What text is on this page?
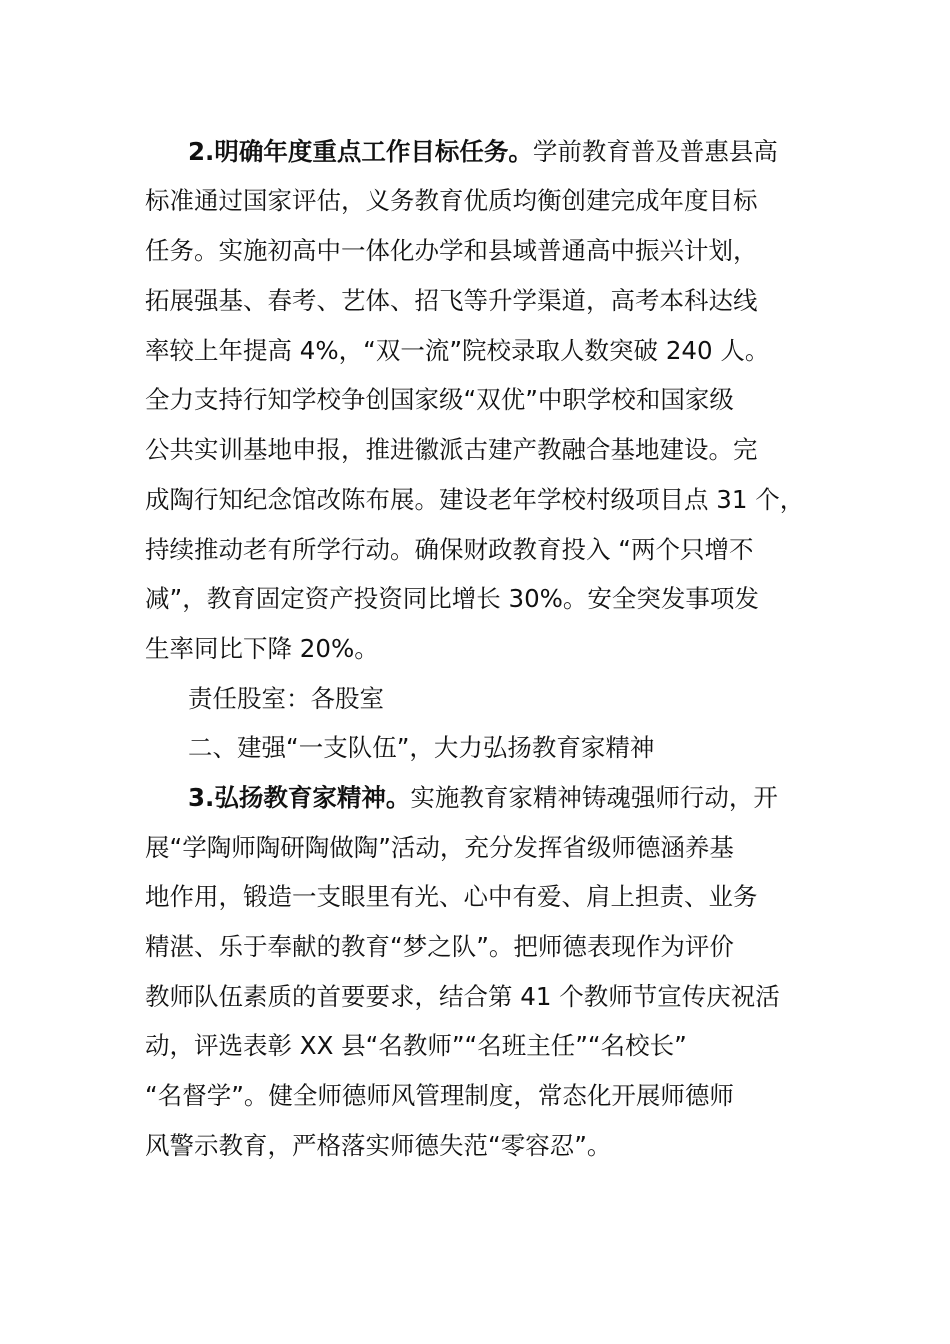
2.明确年度重点工作目标任务。学前教育普及普惠县高
标准通过国家评估，义务教育优质均衡创建完成年度目标
任务。实施初高中一体化办学和县域普通高中振兴计划，
拓展强基、春考、艺体、招飞等升学渠道，高考本科达线
率较上年提高 4%，“双一流”院校录取人数突破 240 人。
全力支持行知学校争创国家级“双优”中职学校和国家级
公共实训基地申报，推进徽派古建产教融合基地建设。完
成陶行知纪念馆改陈布展。建设老年学校村级项目点 31 个，
持续推动老有所学行动。确保财政教育投入 “两个只增不
减”，教育固定资产投资同比增长 30%。安全突发事项发
生率同比下降 20%。
责任股室：各股室
二、建强“一支队伍”，大力弘扬教育家精神
3.弘扬教育家精神。实施教育家精神铸魂强师行动，开
展“学陶师陶研陶做陶”活动，充分发挥省级师德涵养基
地作用，锻造一支眼里有光、心中有爱、肩上担责、业务
精湛、乐于奉献的教育“梦之队”。把师德表现作为评价
教师队伍素质的首要要求，结合第 41 个教师节宣传庆祝活
动，评选表彰 XX 县“名教师”“名班主任”“名校长”
“名督学”。健全师德师风管理制度，常态化开展师德师
风警示教育，严格落实师德失范“零容忍”。
